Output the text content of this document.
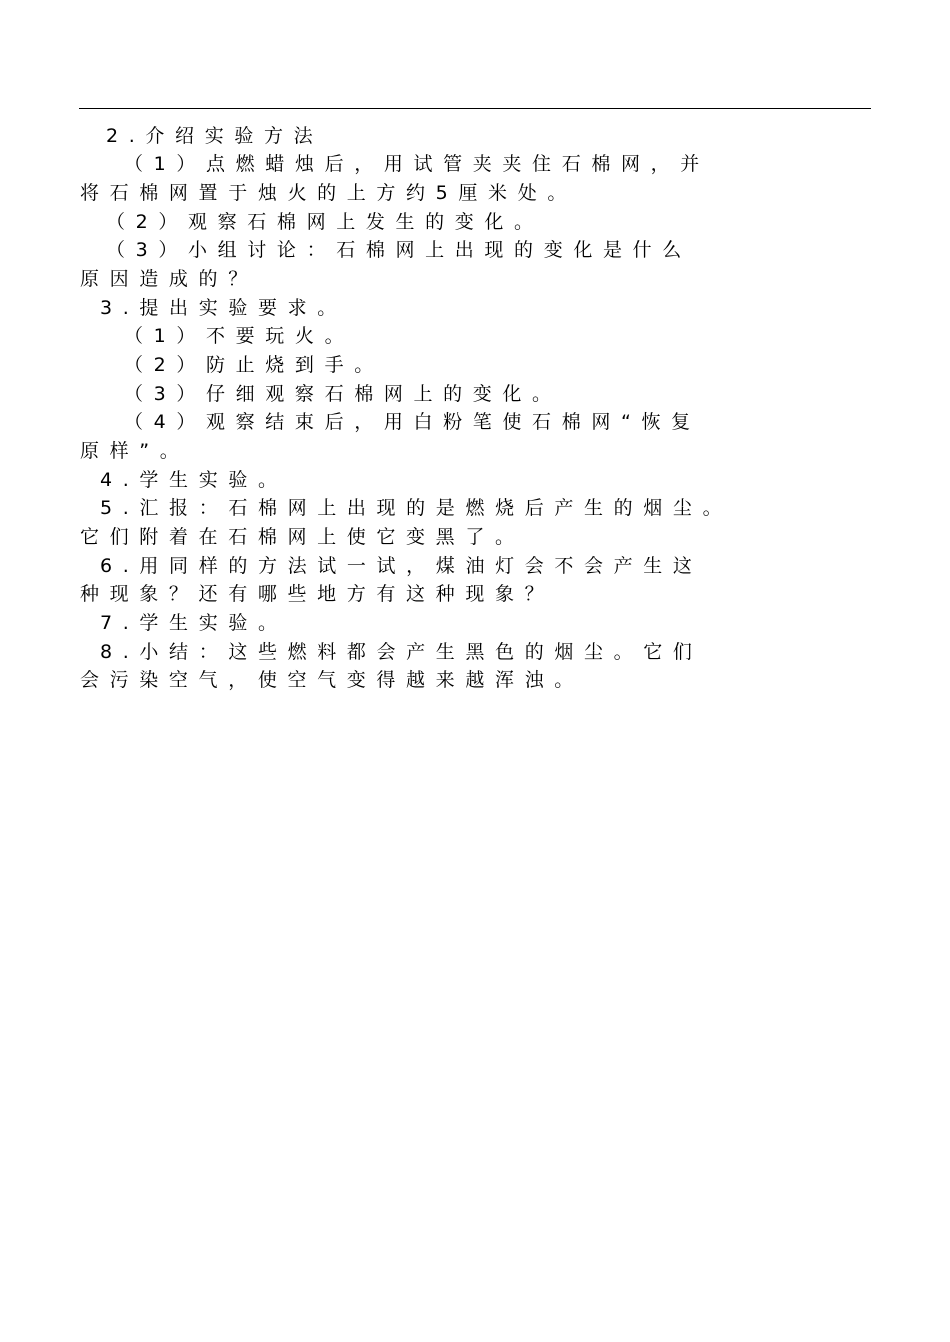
2.介绍实验方法
（1）点燃蜡烛后，用试管夹夹住石棉网，并
将石棉网置于烛火的上方约5厘米处。
（2）观察石棉网上发生的变化。
（3）小组讨论：石棉网上出现的变化是什么
原因造成的？
3.提出实验要求。
（1）不要玩火。
（2）防止烧到手。
（3）仔细观察石棉网上的变化。
（4）观察结束后，用白粉笔使石棉网“恢复
原样”。
4.学生实验。
5.汇报：石棉网上出现的是燃烧后产生的烟尘。
它们附着在石棉网上使它变黑了。
6.用同样的方法试一试，煤油灯会不会产生这
种现象？还有哪些地方有这种现象？
7.学生实验。
8.小结：这些燃料都会产生黑色的烟尘。它们
会污染空气，使空气变得越来越浑浊。
